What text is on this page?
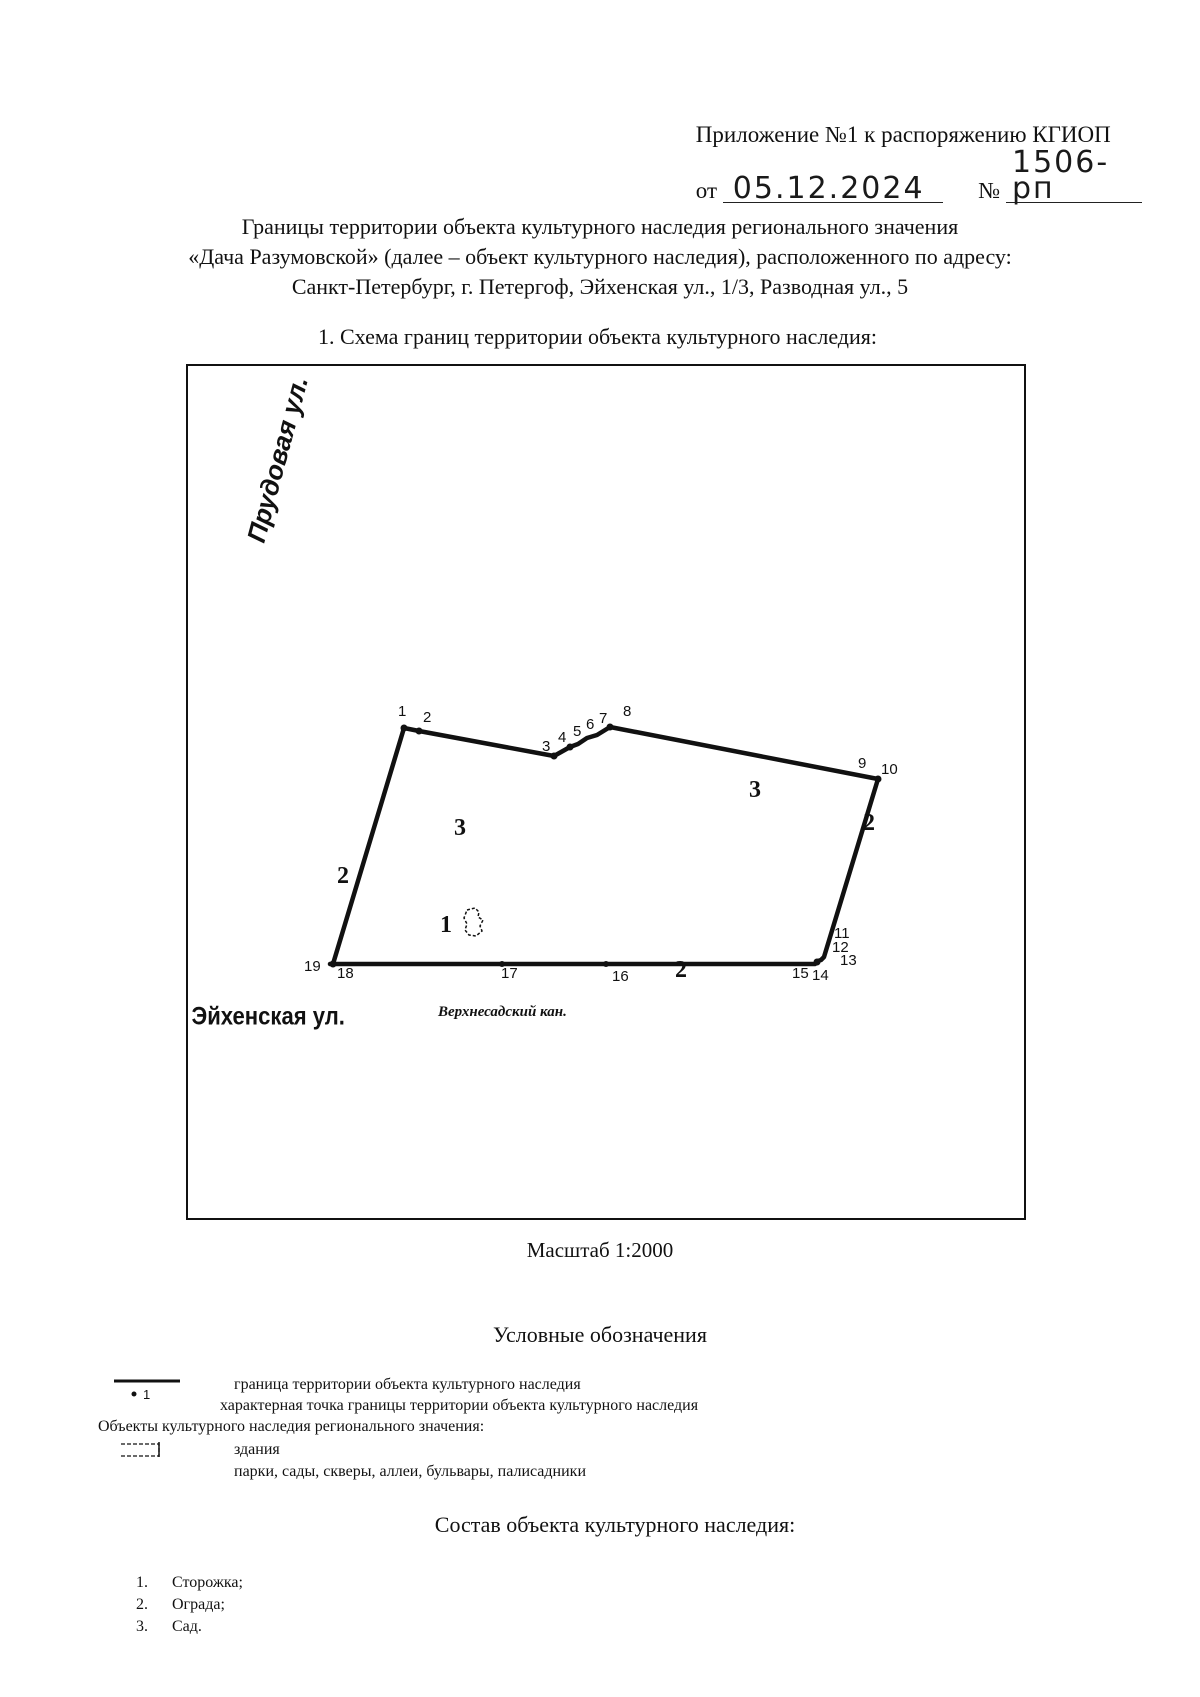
Приложение №1 к распоряжению КГИОП
от 05.12.2024 № 1506-рп
Границы территории объекта культурного наследия регионального значения
«Дача Разумовской» (далее – объект культурного наследия), расположенного по адресу:
Санкт-Петербург, г. Петергоф, Эйхенская ул., 1/3, Разводная ул., 5
1. Схема границ территории объекта культурного наследия:
Прудовая ул.
Эйхенская ул.	Верхнесадский кан.
1 2
3
4 5 6 7 8
9 10
11
12
13
14
15
16
17
18
19
3
3
2
2
2
1
Масштаб 1:2000
Условные обозначения
1
граница территории объекта культурного наследия
характерная точка границы территории объекта культурного наследия
Объекты культурного наследия регионального значения:
здания
парки, сады, скверы, аллеи, бульвары, палисадники
Состав объекта культурного наследия:
1. Сторожка;
2. Ограда;
3. Сад.
